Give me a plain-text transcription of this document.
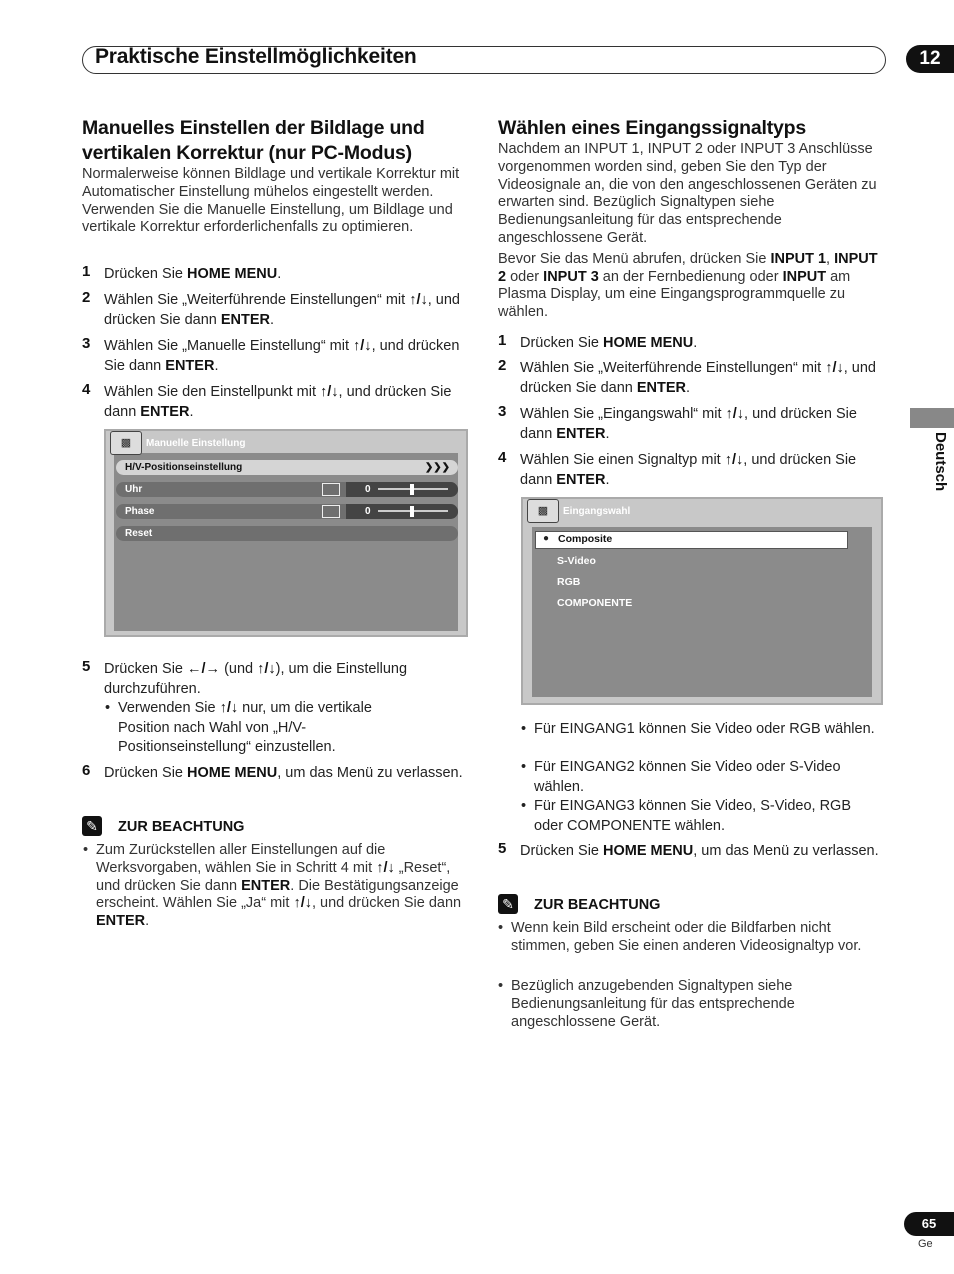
Praktische Einstellmöglichkeiten	12
Deutsch
Manuelles Einstellen der Bildlage und
vertikalen Korrektur (nur PC-Modus)

Normalerweise können Bildlage und vertikale Korrektur mit Automatischer Einstellung mühelos eingestellt werden. Verwenden Sie die Manuelle Einstellung, um Bildlage und vertikale Korrektur erforderlichenfalls zu optimieren.

1 Drücken Sie HOME MENU.
2 Wählen Sie „Weiterführende Einstellungen“ mit ↑/↓, und drücken Sie dann ENTER.
3 Wählen Sie „Manuelle Einstellung“ mit ↑/↓, und drücken Sie dann ENTER.
4 Wählen Sie den Einstellpunkt mit ↑/↓, und drücken Sie dann ENTER.
▩	Manuelle Einstellung
H/V-Positionseinstellung	❯❯❯
Uhr	0
Phase	0
Reset
5 Drücken Sie ←/→ (und ↑/↓), um die Einstellung durchzuführen.
• Verwenden Sie ↑/↓ nur, um die vertikale Position nach Wahl von „H/V-Positionseinstellung“ einzustellen.
6 Drücken Sie HOME MENU, um das Menü zu verlassen.
✎ ZUR BEACHTUNG
• Zum Zurückstellen aller Einstellungen auf die Werksvorgaben, wählen Sie in Schritt 4 mit ↑/↓ „Reset“, und drücken Sie dann ENTER. Die Bestätigungsanzeige erscheint. Wählen Sie „Ja“ mit ↑/↓, und drücken Sie dann ENTER.
Wählen eines Eingangssignaltyps

Nachdem an INPUT 1, INPUT 2 oder INPUT 3 Anschlüsse vorgenommen worden sind, geben Sie den Typ der Videosignale an, die von den angeschlossenen Geräten zu erwarten sind. Bezüglich Signaltypen siehe Bedienungsanleitung für das entsprechende angeschlossene Gerät.

Bevor Sie das Menü abrufen, drücken Sie INPUT 1, INPUT 2 oder INPUT 3 an der Fernbedienung oder INPUT am Plasma Display, um eine Eingangsprogrammquelle zu wählen.

1 Drücken Sie HOME MENU.
2 Wählen Sie „Weiterführende Einstellungen“ mit ↑/↓, und drücken Sie dann ENTER.
3 Wählen Sie „Eingangswahl“ mit ↑/↓, und drücken Sie dann ENTER.
4 Wählen Sie einen Signaltyp mit ↑/↓, und drücken Sie dann ENTER.
▩	Eingangswahl
● Composite
S-Video
RGB
COMPONENTE
• Für EINGANG1 können Sie Video oder RGB wählen.
• Für EINGANG2 können Sie Video oder S-Video wählen.
• Für EINGANG3 können Sie Video, S-Video, RGB oder COMPONENTE wählen.
5 Drücken Sie HOME MENU, um das Menü zu verlassen.
✎ ZUR BEACHTUNG
• Wenn kein Bild erscheint oder die Bildfarben nicht stimmen, geben Sie einen anderen Videosignaltyp vor.
• Bezüglich anzugebenden Signaltypen siehe Bedienungsanleitung für das entsprechende angeschlossene Gerät.
65
Ge
